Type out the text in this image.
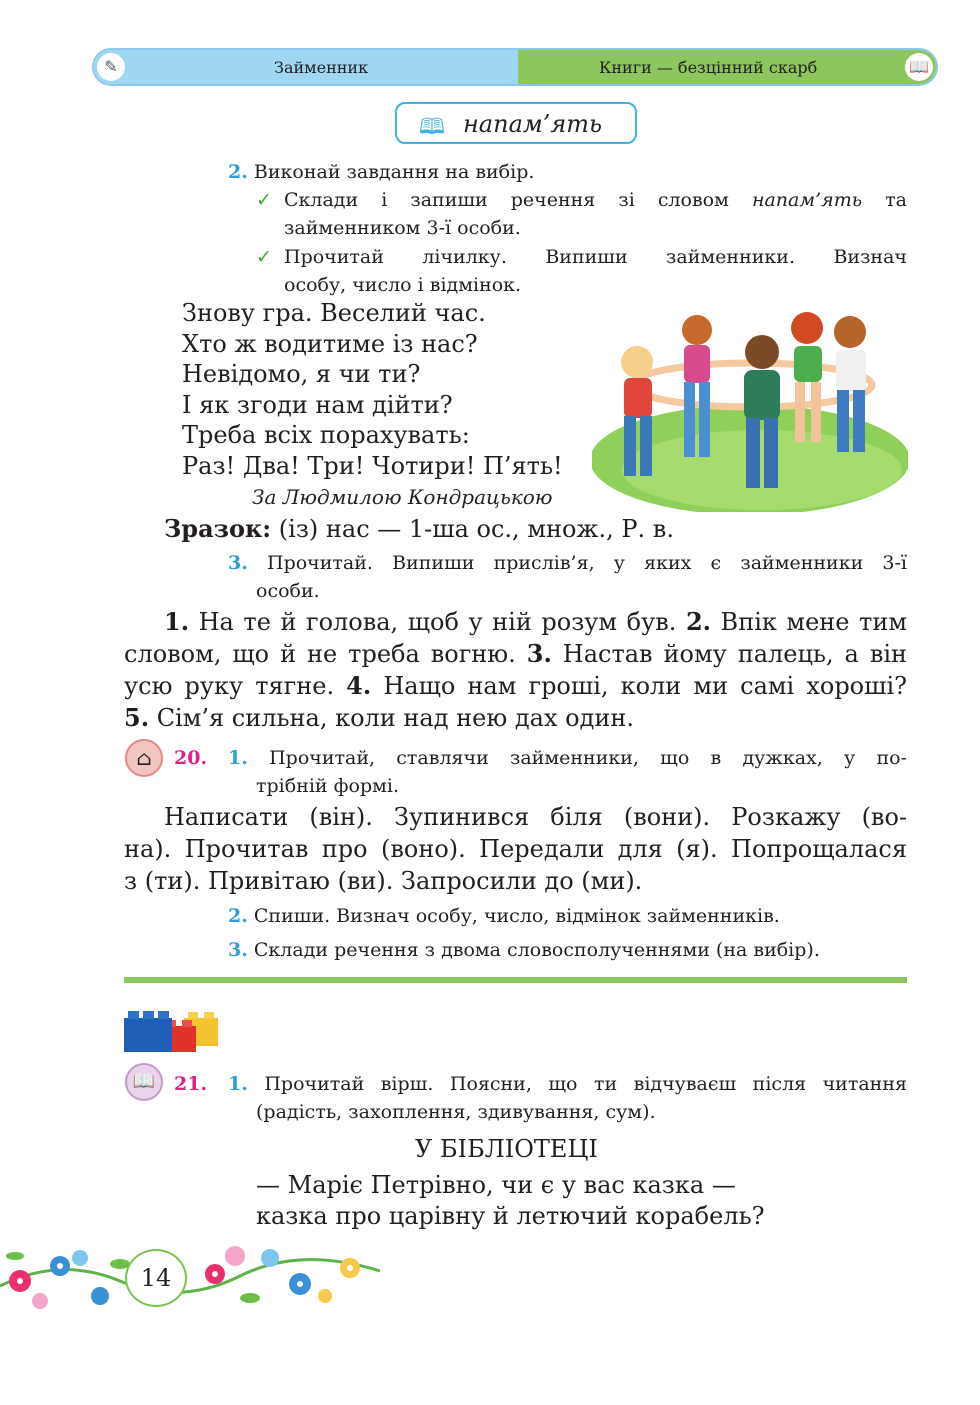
✎	Займенник	Книги — безцінний скарб	📖
🕮 напам’ять
2. Виконай завдання на вибір.
✓ Склади і запиши речення зі словом напам’ять та
займенником 3-ї особи.
✓ Прочитай лічилку. Випиши займенники. Визнач
особу, число і відмінок.
Знову гра. Веселий час.
Хто ж водитиме із нас?
Невідомо, я чи ти?
І як згоди нам дійти?
Треба всіх порахувать:
Раз! Два! Три! Чотири! П’ять!
За Людмилою Кондрацькою
Зразок: (із) нас — 1-ша ос., множ., Р. в.
3. Прочитай. Випиши прислів’я, у яких є займенники 3-ї
особи.
1. На те й голова, щоб у ній розум був. 2. Впік мене тим
словом, що й не треба вогню. 3. Настав йому палець, а він
усю руку тягне. 4. Нащо нам гроші, коли ми самі хороші?
5. Сім’я сильна, коли над нею дах один.
⌂	20. 1. Прочитай, ставлячи займенники, що в дужках, у по-
трібній формі.
Написати (він). Зупинився біля (вони). Розкажу (во-
на). Прочитав про (воно). Передали для (я). Попрощалася
з (ти). Привітаю (ви). Запросили до (ми).
2. Спиши. Визнач особу, число, відмінок займенників.
3. Склади речення з двома словосполученнями (на вибір).
📖 21. 1. Прочитай вірш. Поясни, що ти відчуваєш після читання
(радість, захоплення, здивування, сум).
У БІБЛІОТЕЦІ
— Маріє Петрівно, чи є у вас казка —
казка про царівну й летючий корабель?
14
